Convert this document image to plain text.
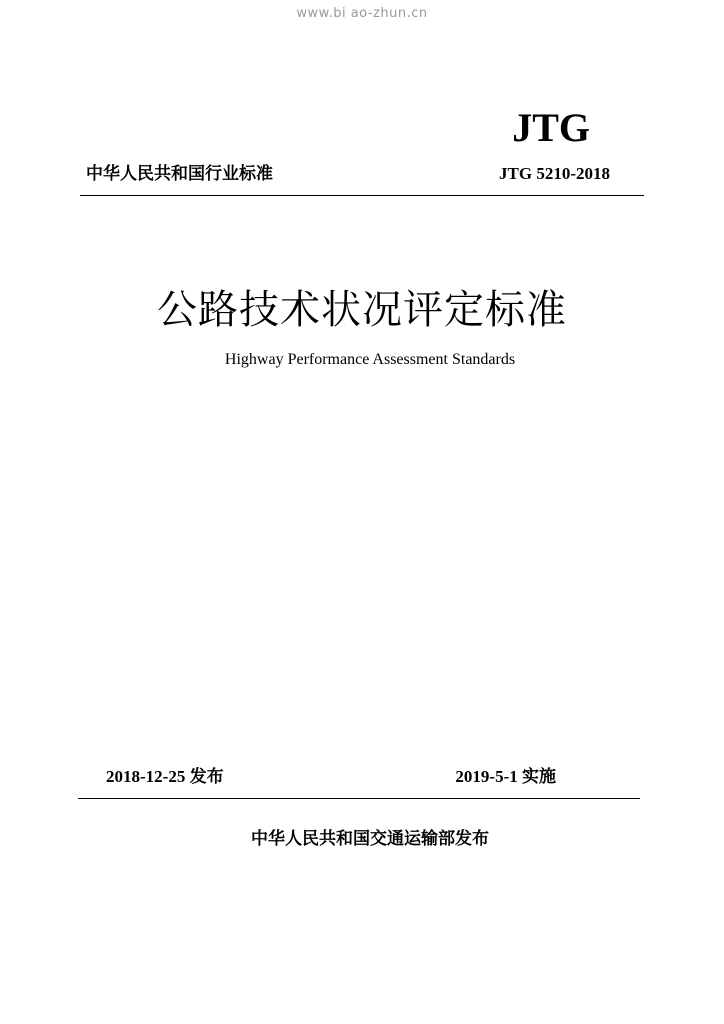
www.bi ao-zhun.cn
JTG
中华人民共和国行业标准	JTG 5210-2018
公路技术状况评定标准
Highway Performance Assessment Standards
2018-12-25 发布	2019-5-1 实施
中华人民共和国交通运输部发布
